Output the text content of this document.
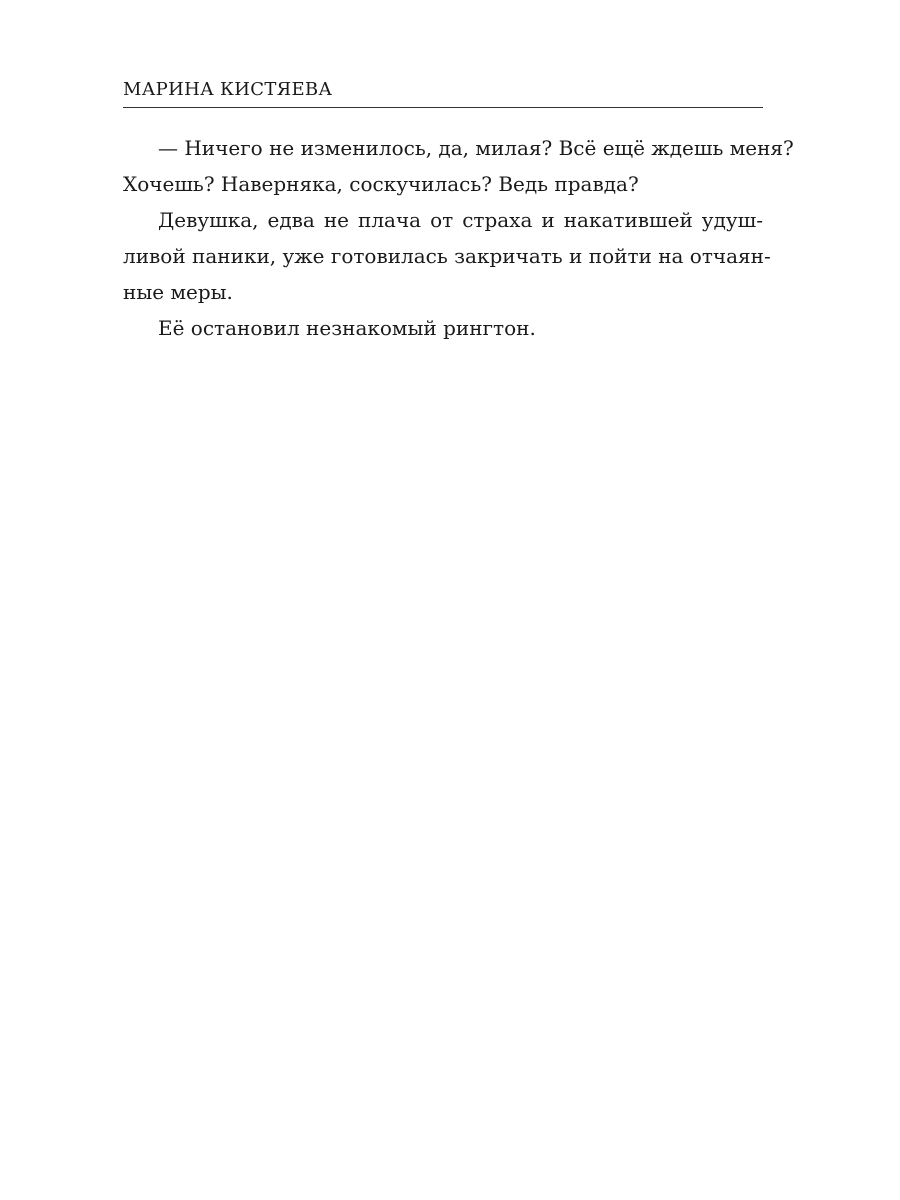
МАРИНА КИСТЯЕВА
— Ничего не изменилось, да, милая? Всё ещё ждешь меня?
Хочешь? Наверняка, соскучилась? Ведь правда?
Девушка, едва не плача от страха и накатившей удуш-
ливой паники, уже готовилась закричать и пойти на отчаян-
ные меры.
Её остановил незнакомый рингтон.
